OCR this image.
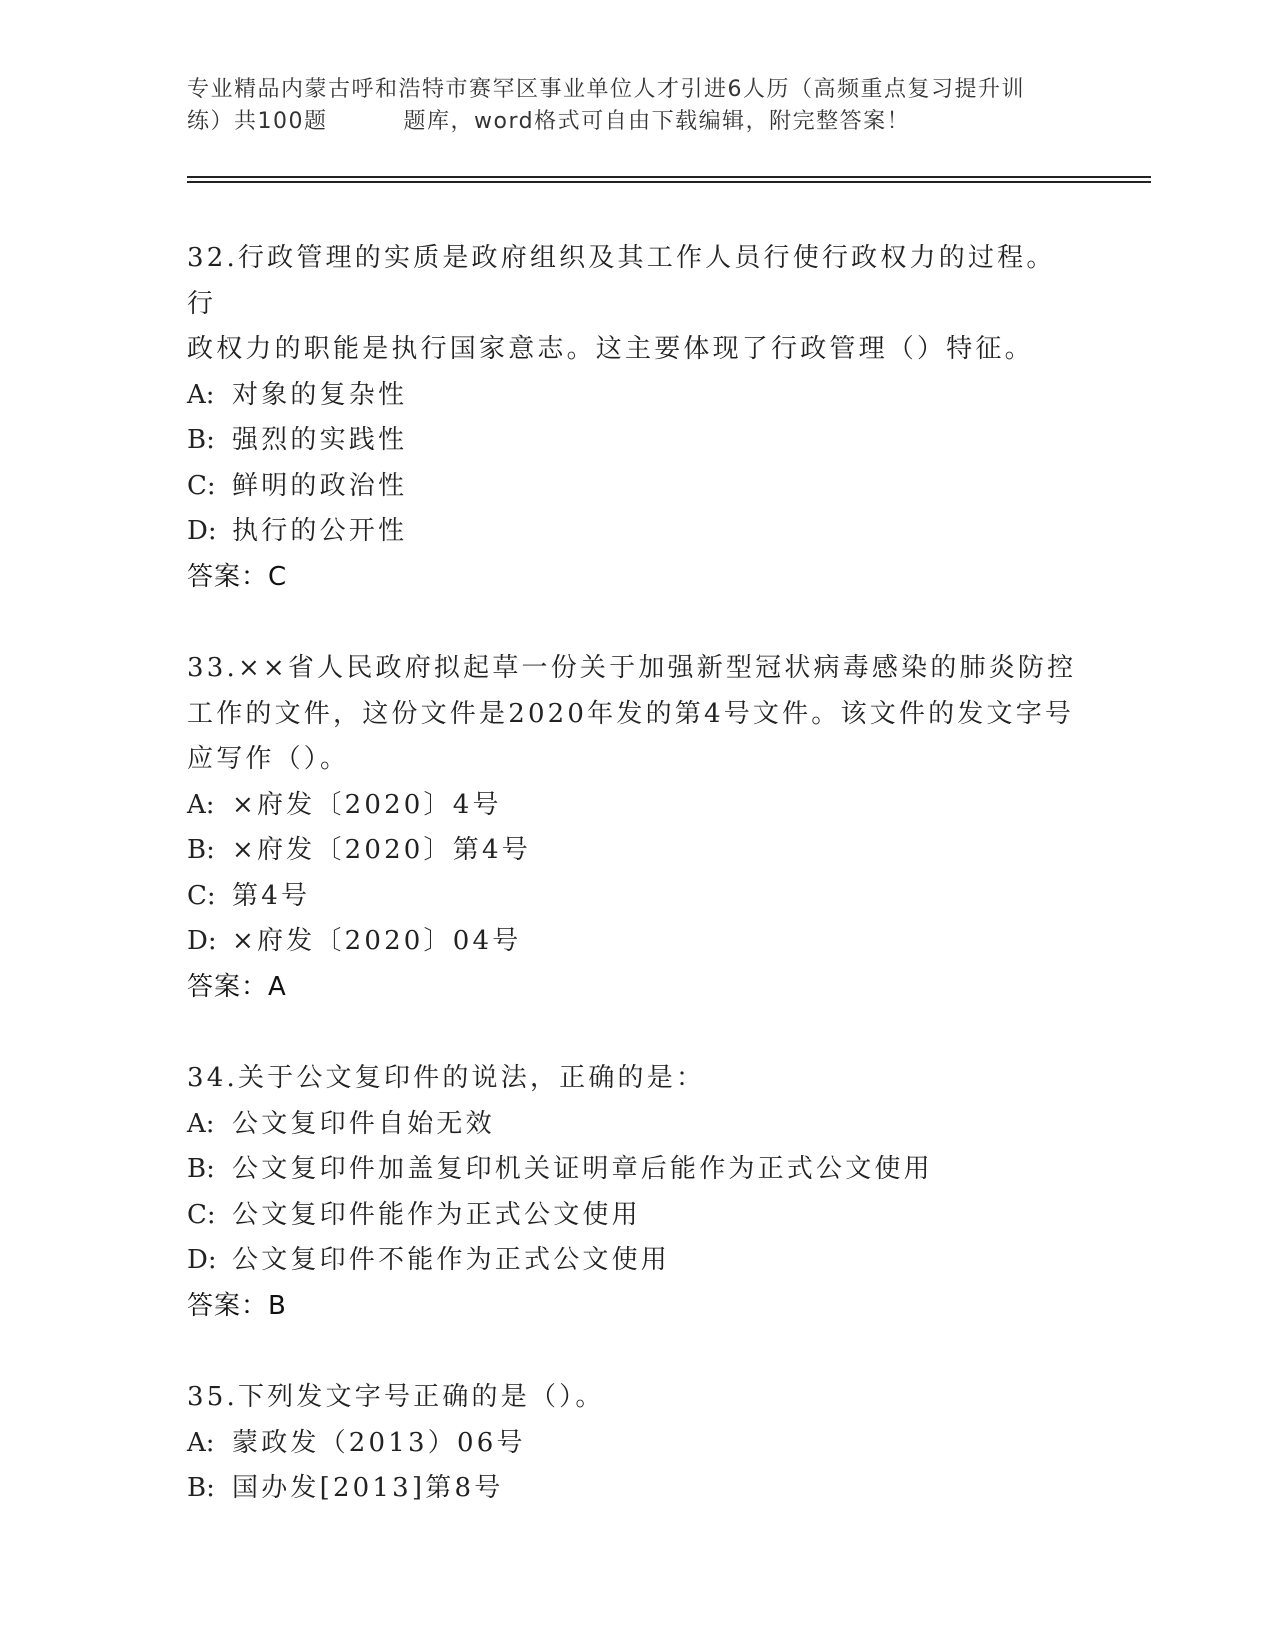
专业精品内蒙古呼和浩特市赛罕区事业单位人才引进6人历（高频重点复习提升训
练）共100题	题库，word格式可自由下载编辑，附完整答案！

32.行政管理的实质是政府组织及其工作人员行使行政权力的过程。行

政权力的职能是执行国家意志。这主要体现了行政管理（）特征。

A: 对象的复杂性

B: 强烈的实践性

C: 鲜明的政治性

D: 执行的公开性

答案：C

33.××省人民政府拟起草一份关于加强新型冠状病毒感染的肺炎防控

工作的文件，这份文件是2020年发的第4号文件。该文件的发文字号

应写作（）。

A: ×府发〔2020〕4号

B: ×府发〔2020〕第4号

C: 第4号

D: ×府发〔2020〕04号

答案：A

34.关于公文复印件的说法，正确的是：

A: 公文复印件自始无效

B: 公文复印件加盖复印机关证明章后能作为正式公文使用

C: 公文复印件能作为正式公文使用

D: 公文复印件不能作为正式公文使用

答案：B

35.下列发文字号正确的是（）。

A: 蒙政发（2013）06号

B: 国办发[2013]第8号
